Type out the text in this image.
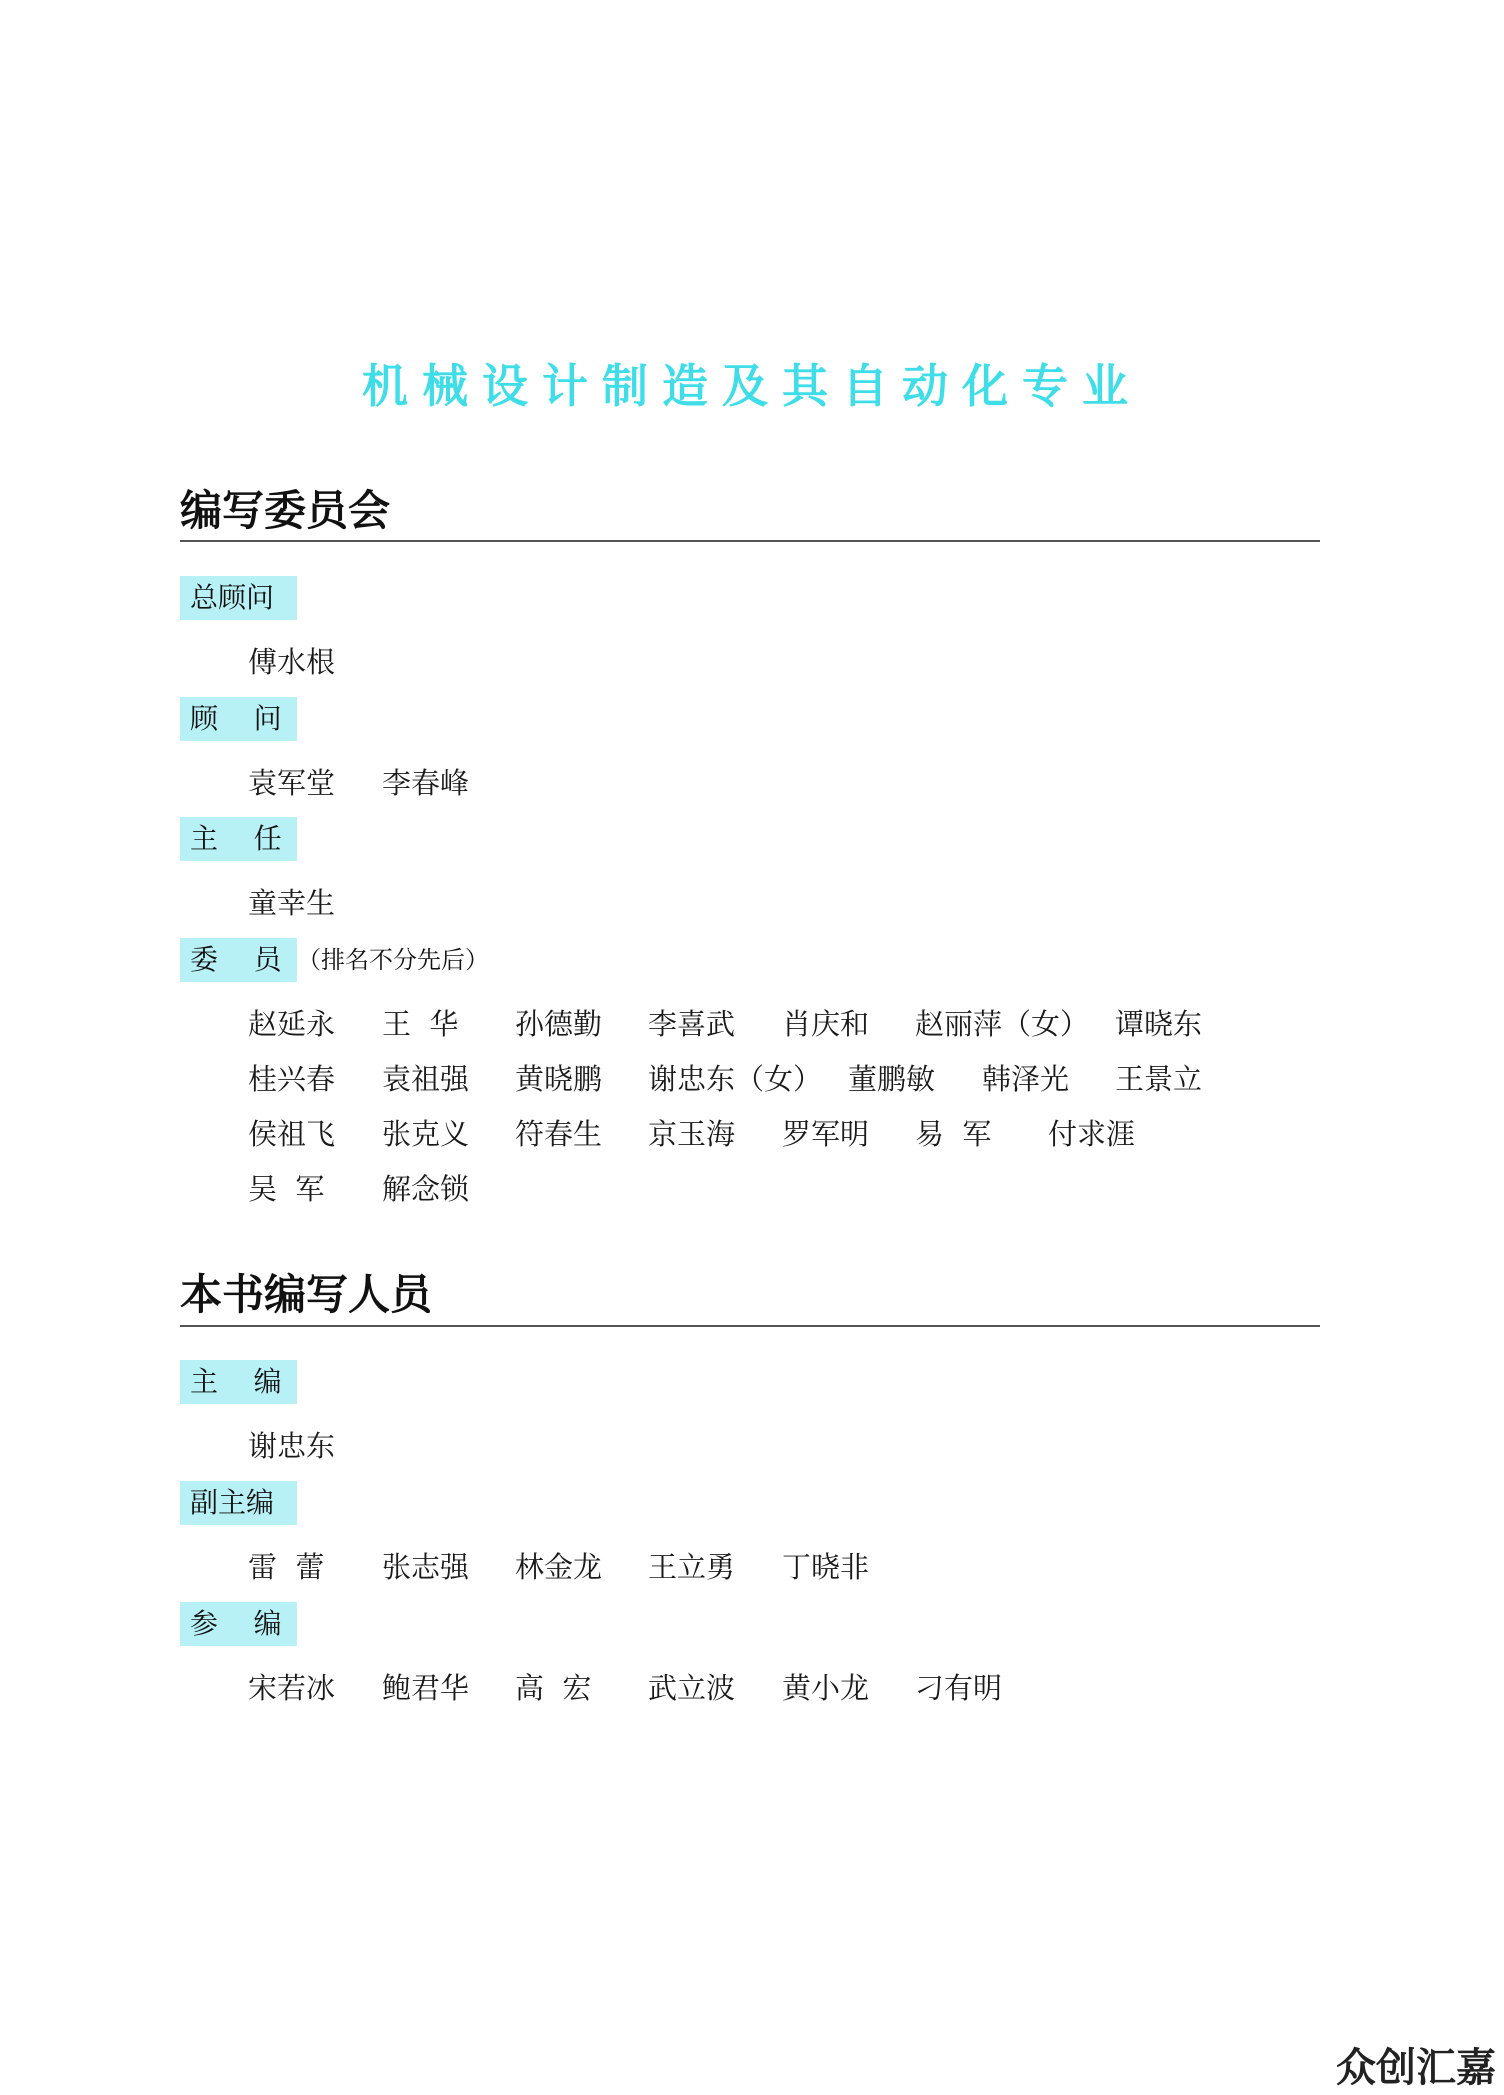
机械设计制造及其自动化专业
编写委员会
总顾问
傅水根
顾    问
袁军堂 李春峰
主    任
童幸生
委    员 （排名不分先后）
赵延永 王  华 孙德勤 李喜武 肖庆和 赵丽萍（女） 谭晓东
桂兴春 袁祖强 黄晓鹏 谢忠东（女） 董鹏敏 韩泽光 王景立
侯祖飞 张克义 符春生 京玉海 罗军明 易  军 付求涯
吴  军 解念锁
本书编写人员
主    编
谢忠东
副主编
雷  蕾 张志强 林金龙 王立勇 丁晓非
参    编
宋若冰 鲍君华 高  宏 武立波 黄小龙 刁有明
众创汇嘉
